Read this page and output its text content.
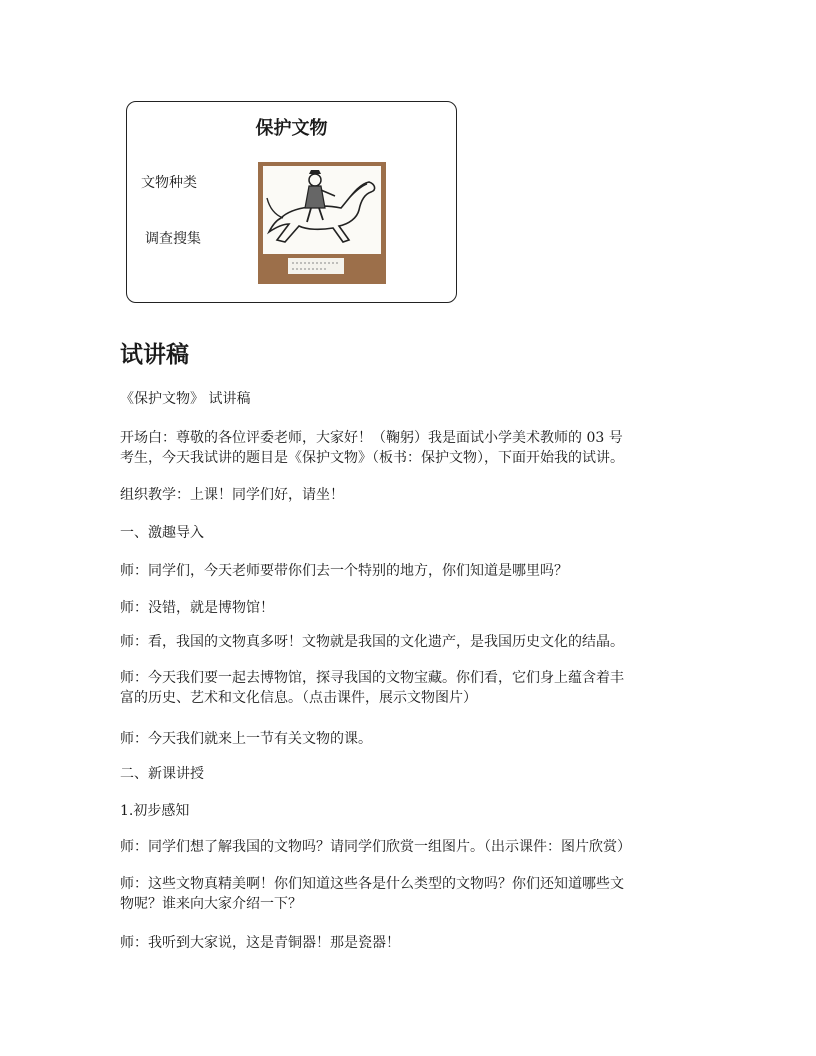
保护文物
文物种类
调查搜集
试讲稿

《保护文物》 试讲稿

开场白：尊敬的各位评委老师，大家好！（鞠躬）我是面试小学美术教师的 03 号
考生，今天我试讲的题目是《保护文物》（板书：保护文物），下面开始我的试讲。

组织教学：上课！同学们好，请坐！

一、激趣导入

师：同学们，今天老师要带你们去一个特别的地方，你们知道是哪里吗？

师：没错，就是博物馆！

师：看，我国的文物真多呀！文物就是我国的文化遗产，是我国历史文化的结晶。

师：今天我们要一起去博物馆，探寻我国的文物宝藏。你们看，它们身上蕴含着丰
富的历史、艺术和文化信息。（点击课件，展示文物图片）

师：今天我们就来上一节有关文物的课。

二、新课讲授

1.初步感知

师：同学们想了解我国的文物吗？请同学们欣赏一组图片。（出示课件：图片欣赏）

师：这些文物真精美啊！你们知道这些各是什么类型的文物吗？你们还知道哪些文
物呢？谁来向大家介绍一下？

师：我听到大家说，这是青铜器！那是瓷器！
